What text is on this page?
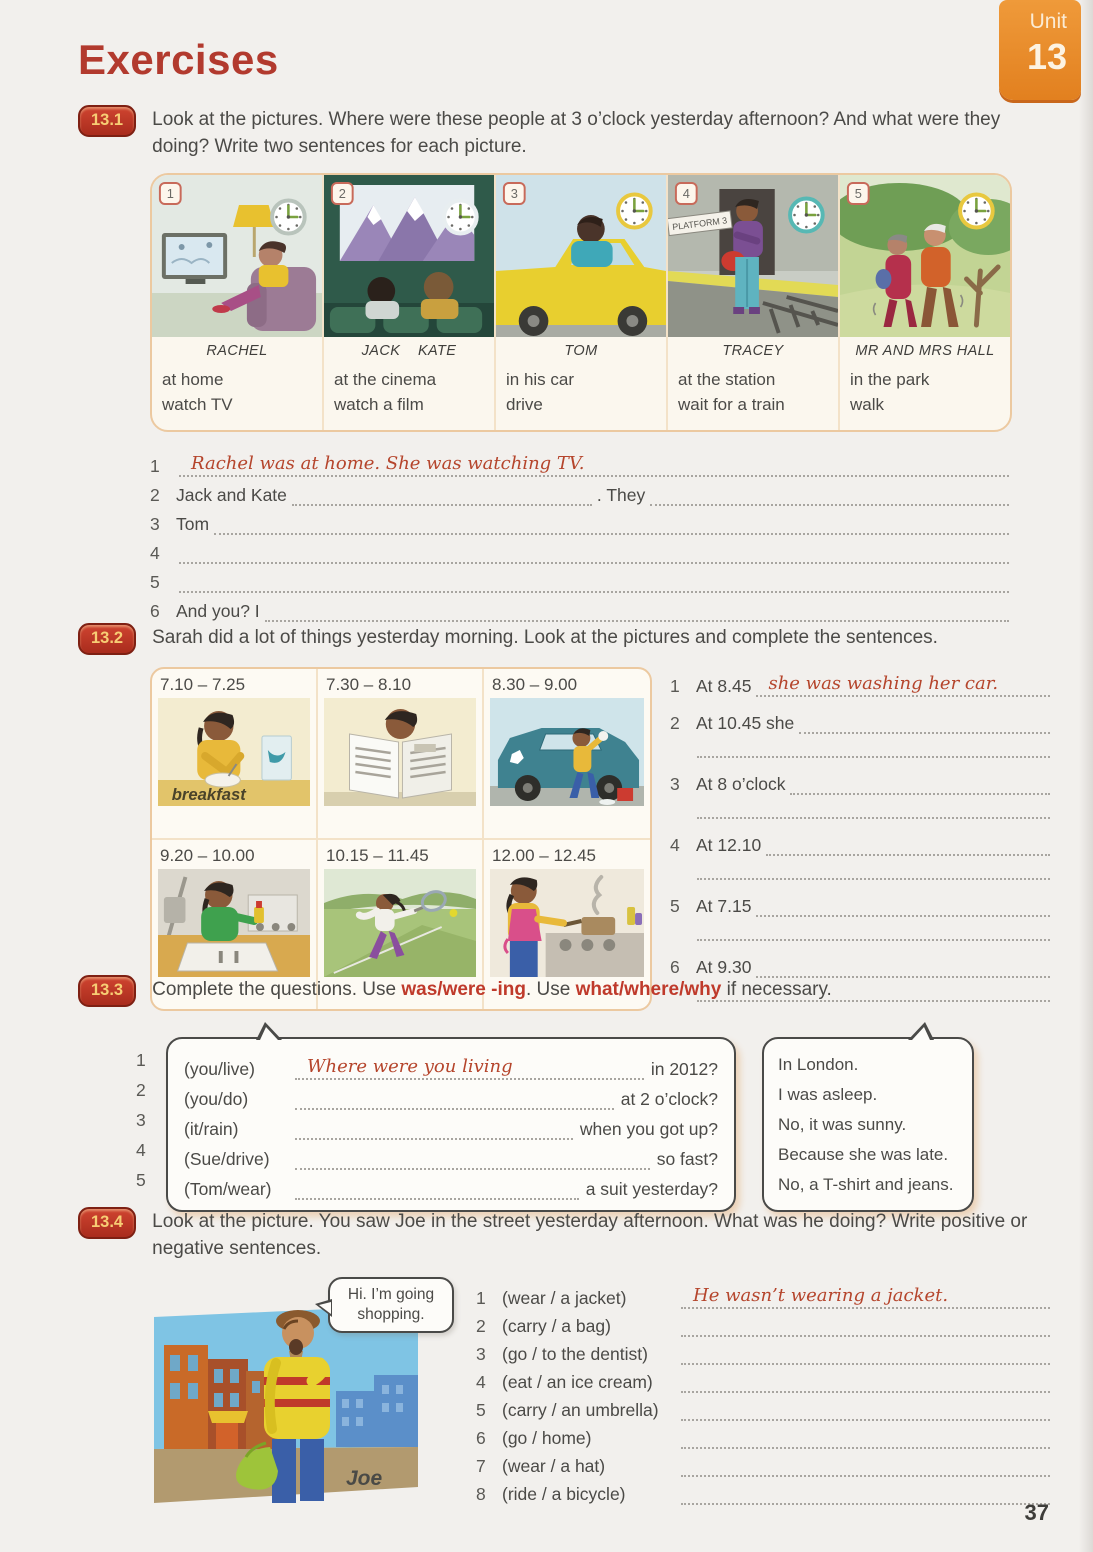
Unit
13
Exercises
13.1	Look at the pictures. Where were these people at 3 o’clock yesterday afternoon? And what were they doing? Write two sentences for each picture.
1
RACHEL
at home
watch TV
2
JACK    KATE
at the cinema
watch a film
3
TOM
in his car
drive
PLATFORM 3
4
TRACEY
at the station
wait for a train
5
MR AND MRS HALL
in the park
walk
1	Rachel was at home. She was watching TV.
2 Jack and Kate	. They
3 Tom
4
5
6 And you? I
13.2	Sarah did a lot of things yesterday morning. Look at the pictures and complete the sentences.
7.10 – 7.25
breakfast
7.30 – 8.10	8.30 – 9.00
9.20 – 10.00	10.15 – 11.45	12.00 – 12.45
1 At 8.45 she was washing her car.
2 At 10.45 she
3 At 8 o’clock
4 At 12.10
5 At 7.15
6 At 9.30
13.3	Complete the questions. Use was/were -ing. Use what/where/why if necessary.
1
2
3
4
5
(you/live)	Where were you living	in 2012?
(you/do)	at 2 o’clock?
(it/rain)	when you got up?
(Sue/drive)	so fast?
(Tom/wear)	a suit yesterday?
In London.
I was asleep.
No, it was sunny.
Because she was late.
No, a T-shirt and jeans.
13.4	Look at the picture. You saw Joe in the street yesterday afternoon. What was he doing? Write positive or negative sentences.
Joe
Hi. I’m going shopping.
1 (wear / a jacket)	He wasn’t wearing a jacket.
2 (carry / a bag)
3 (go / to the dentist)
4 (eat / an ice cream)
5 (carry / an umbrella)
6 (go / home)
7 (wear / a hat)
8 (ride / a bicycle)
37
